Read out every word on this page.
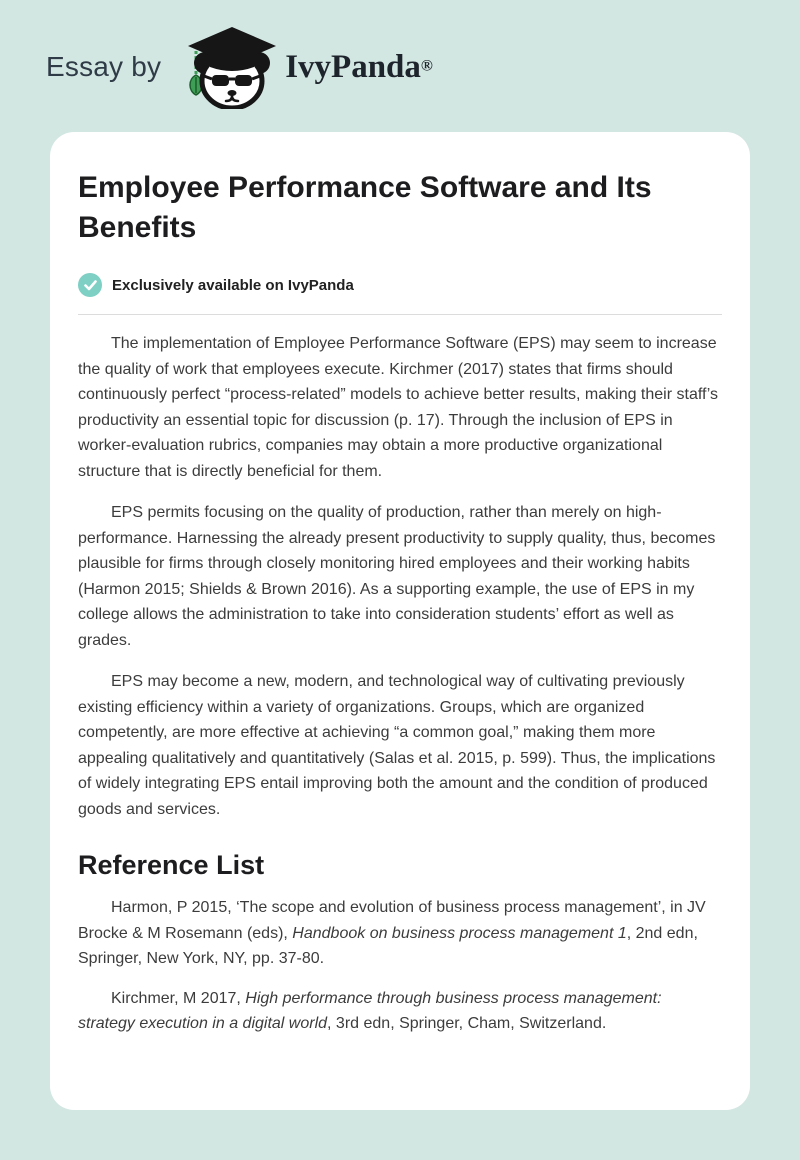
Essay by	IvyPanda®
Employee Performance Software and Its Benefits
Exclusively available on IvyPanda

The implementation of Employee Performance Software (EPS) may seem to increase the quality of work that employees execute. Kirchmer (2017) states that firms should continuously perfect “process-related” models to achieve better results, making their staff’s productivity an essential topic for discussion (p. 17). Through the inclusion of EPS in worker-evaluation rubrics, companies may obtain a more productive organizational structure that is directly beneficial for them.

EPS permits focusing on the quality of production, rather than merely on high-performance. Harnessing the already present productivity to supply quality, thus, becomes plausible for firms through closely monitoring hired employees and their working habits (Harmon 2015; Shields & Brown 2016). As a supporting example, the use of EPS in my college allows the administration to take into consideration students’ effort as well as grades.

EPS may become a new, modern, and technological way of cultivating previously existing efficiency within a variety of organizations. Groups, which are organized competently, are more effective at achieving “a common goal,” making them more appealing qualitatively and quantitatively (Salas et al. 2015, p. 599). Thus, the implications of widely integrating EPS entail improving both the amount and the condition of produced goods and services.

Reference List

Harmon, P 2015, ‘The scope and evolution of business process management’, in JV Brocke & M Rosemann (eds), Handbook on business process management 1, 2nd edn, Springer, New York, NY, pp. 37-80.

Kirchmer, M 2017, High performance through business process management: strategy execution in a digital world, 3rd edn, Springer, Cham, Switzerland.
